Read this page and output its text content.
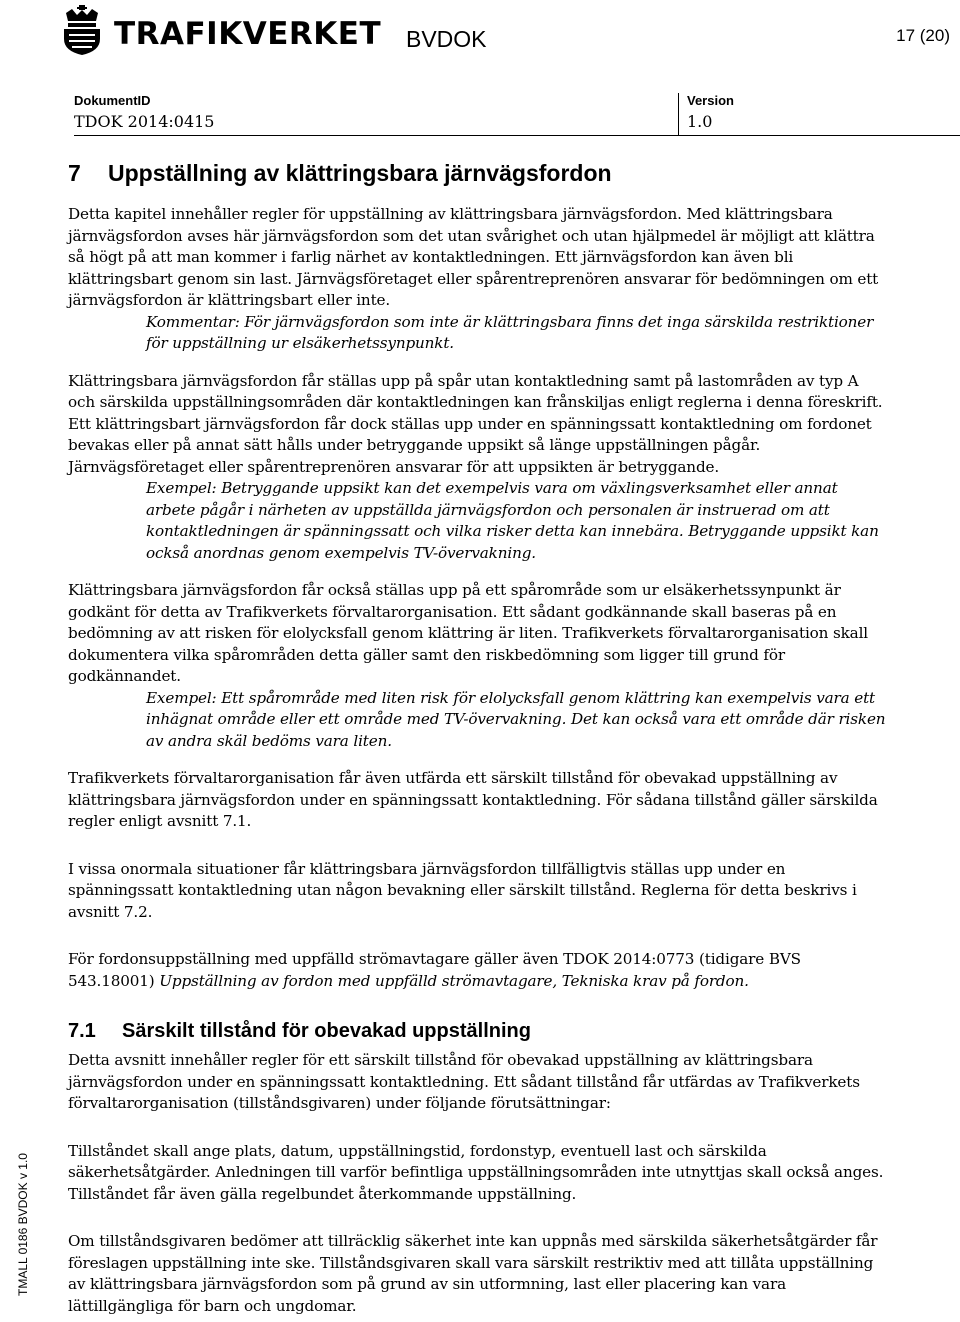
TRAFIKVERKET BVDOK	17 (20)
DokumentID
TDOK 2014:0415
Version
1.0
7 Uppställning av klättringsbara järnvägsfordon

Detta kapitel innehåller regler för uppställning av klättringsbara järnvägsfordon. Med klättringsbara järnvägsfordon avses här järnvägsfordon som det utan svårighet och utan hjälpmedel är möjligt att klättra så högt på att man kommer i farlig närhet av kontaktledningen. Ett järnvägsfordon kan även bli klättringsbart genom sin last. Järnvägsföretaget eller spårentreprenören ansvarar för bedömningen om ett järnvägsfordon är klättringsbart eller inte.

Kommentar: För järnvägsfordon som inte är klättringsbara finns det inga särskilda restriktioner för uppställning ur elsäkerhetssynpunkt.

Klättringsbara järnvägsfordon får ställas upp på spår utan kontaktledning samt på lastområden av typ A och särskilda uppställningsområden där kontaktledningen kan frånskiljas enligt reglerna i denna föreskrift. Ett klättringsbart järnvägsfordon får dock ställas upp under en spänningssatt kontaktledning om fordonet bevakas eller på annat sätt hålls under betryggande uppsikt så länge uppställningen pågår. Järnvägsföretaget eller spårentreprenören ansvarar för att uppsikten är betryggande.

Exempel: Betryggande uppsikt kan det exempelvis vara om växlingsverksamhet eller annat arbete pågår i närheten av uppställda järnvägsfordon och personalen är instruerad om att kontaktledningen är spänningssatt och vilka risker detta kan innebära. Betryggande uppsikt kan också anordnas genom exempelvis TV-övervakning.

Klättringsbara järnvägsfordon får också ställas upp på ett spårområde som ur elsäkerhetssynpunkt är godkänt för detta av Trafikverkets förvaltarorganisation. Ett sådant godkännande skall baseras på en bedömning av att risken för elolycksfall genom klättring är liten. Trafikverkets förvaltarorganisation skall dokumentera vilka spårområden detta gäller samt den riskbedömning som ligger till grund för godkännandet.

Exempel: Ett spårområde med liten risk för elolycksfall genom klättring kan exempelvis vara ett inhägnat område eller ett område med TV-övervakning. Det kan också vara ett område där risken av andra skäl bedöms vara liten.

Trafikverkets förvaltarorganisation får även utfärda ett särskilt tillstånd för obevakad uppställning av klättringsbara järnvägsfordon under en spänningssatt kontaktledning. För sådana tillstånd gäller särskilda regler enligt avsnitt 7.1.

I vissa onormala situationer får klättringsbara järnvägsfordon tillfälligtvis ställas upp under en spänningssatt kontaktledning utan någon bevakning eller särskilt tillstånd. Reglerna för detta beskrivs i avsnitt 7.2.

För fordonsuppställning med uppfälld strömavtagare gäller även TDOK 2014:0773 (tidigare BVS 543.18001) Uppställning av fordon med uppfälld strömavtagare, Tekniska krav på fordon.

7.1 Särskilt tillstånd för obevakad uppställning

Detta avsnitt innehåller regler för ett särskilt tillstånd för obevakad uppställning av klättringsbara järnvägsfordon under en spänningssatt kontaktledning. Ett sådant tillstånd får utfärdas av Trafikverkets förvaltarorganisation (tillståndsgivaren) under följande förutsättningar:

Tillståndet skall ange plats, datum, uppställningstid, fordonstyp, eventuell last och särskilda säkerhetsåtgärder. Anledningen till varför befintliga uppställningsområden inte utnyttjas skall också anges. Tillståndet får även gälla regelbundet återkommande uppställning.

Om tillståndsgivaren bedömer att tillräcklig säkerhet inte kan uppnås med särskilda säkerhetsåtgärder får föreslagen uppställning inte ske. Tillståndsgivaren skall vara särskilt restriktiv med att tillåta uppställning av klättringsbara järnvägsfordon som på grund av sin utformning, last eller placering kan vara lättillgängliga för barn och ungdomar.

TMALL 0186 BVDOK v 1.0
